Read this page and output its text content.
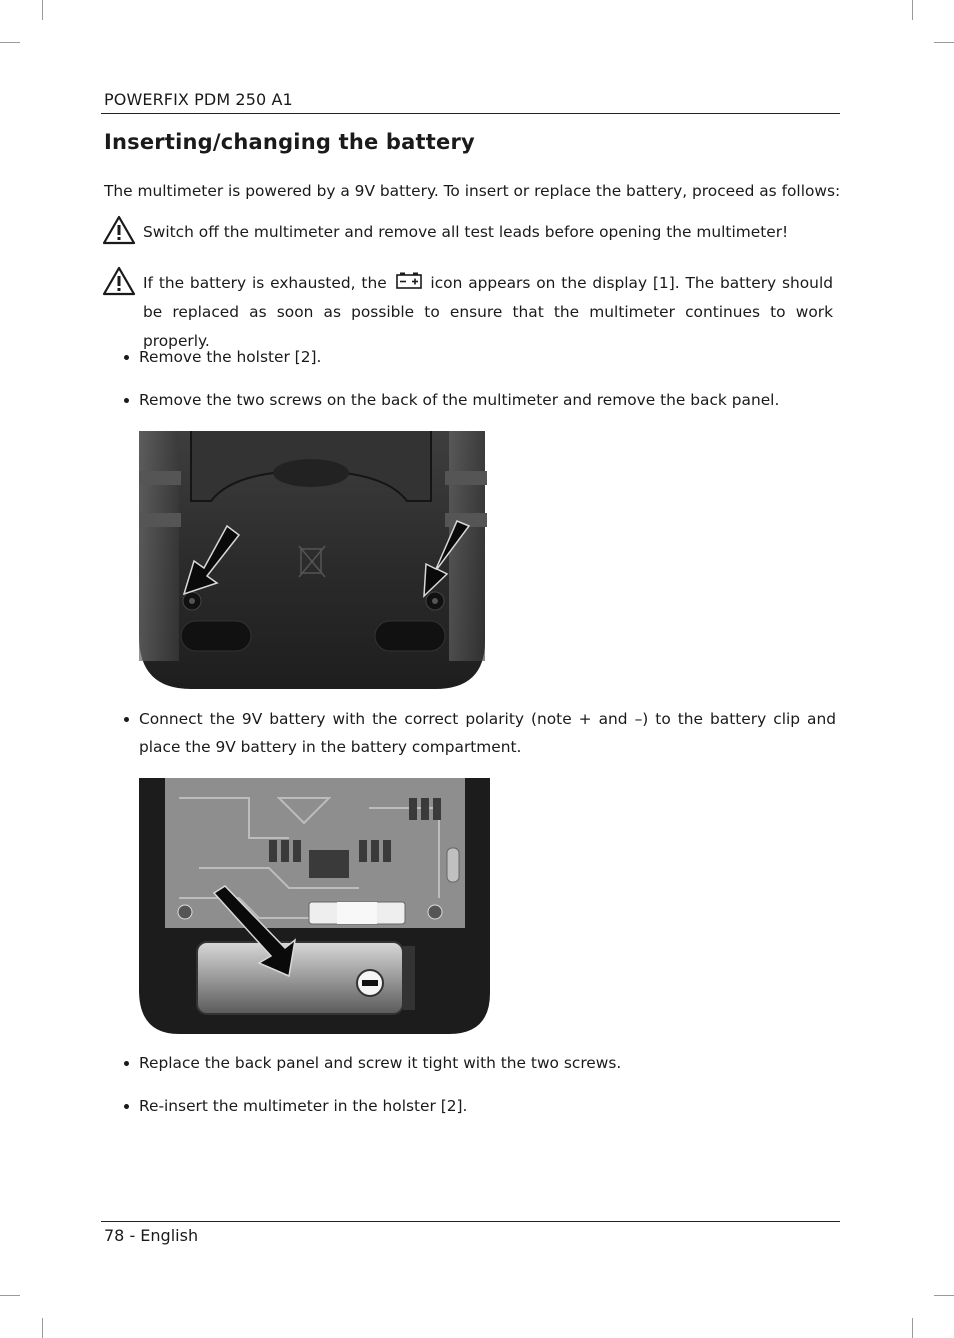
POWERFIX PDM 250 A1
Inserting/changing the battery
The multimeter is powered by a 9V battery. To insert or replace the battery, proceed as follows:
Switch off the multimeter and remove all test leads before opening the multimeter!
If the battery is exhausted, the	icon appears on the display [1]. The battery should be replaced as soon as possible to ensure that the multimeter continues to work properly.
Remove the holster [2].
Remove the two screws on the back of the multimeter and remove the back panel.
Connect the 9V battery with the correct polarity (note + and –) to the battery clip and place the 9V battery in the battery compartment.
Replace the back panel and screw it tight with the two screws.
Re-insert the multimeter in the holster [2].
78 - English
